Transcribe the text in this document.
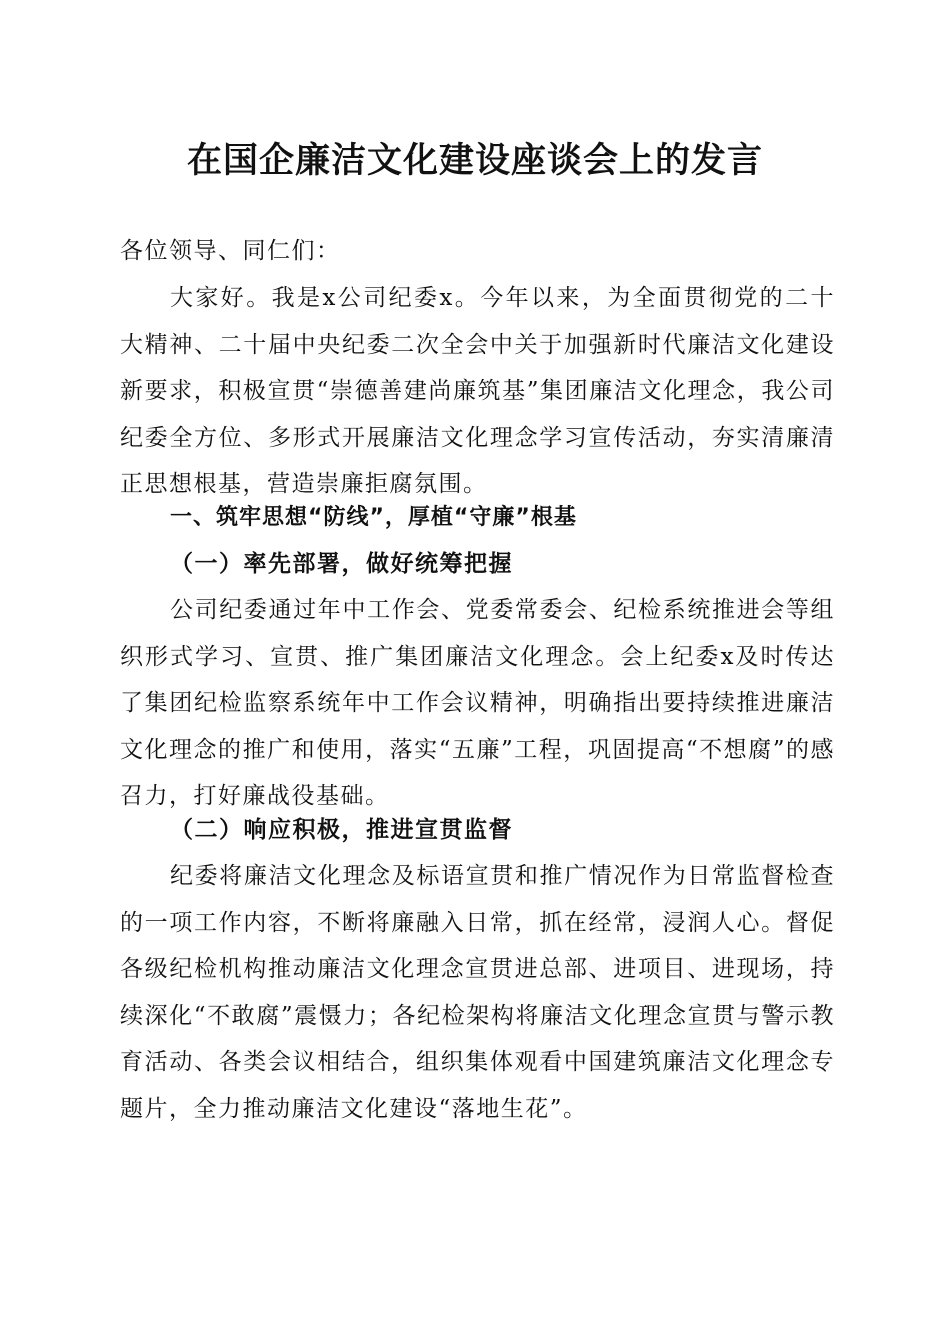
在国企廉洁文化建设座谈会上的发言

各位领导、同仁们：

大家好。我是x公司纪委x。今年以来，为全面贯彻党的二十大精神、二十届中央纪委二次全会中关于加强新时代廉洁文化建设新要求，积极宣贯“崇德善建尚廉筑基”集团廉洁文化理念，我公司纪委全方位、多形式开展廉洁文化理念学习宣传活动，夯实清廉清正思想根基，营造崇廉拒腐氛围。

一、筑牢思想“防线”，厚植“守廉”根基
（一）率先部署，做好统筹把握

公司纪委通过年中工作会、党委常委会、纪检系统推进会等组织形式学习、宣贯、推广集团廉洁文化理念。会上纪委x及时传达了集团纪检监察系统年中工作会议精神，明确指出要持续推进廉洁文化理念的推广和使用，落实“五廉”工程，巩固提高“不想腐”的感召力，打好廉战役基础。

（二）响应积极，推进宣贯监督

纪委将廉洁文化理念及标语宣贯和推广情况作为日常监督检查的一项工作内容，不断将廉融入日常，抓在经常，浸润人心。督促各级纪检机构推动廉洁文化理念宣贯进总部、进项目、进现场，持续深化“不敢腐”震慑力；各纪检架构将廉洁文化理念宣贯与警示教育活动、各类会议相结合，组织集体观看中国建筑廉洁文化理念专题片，全力推动廉洁文化建设“落地生花”。
